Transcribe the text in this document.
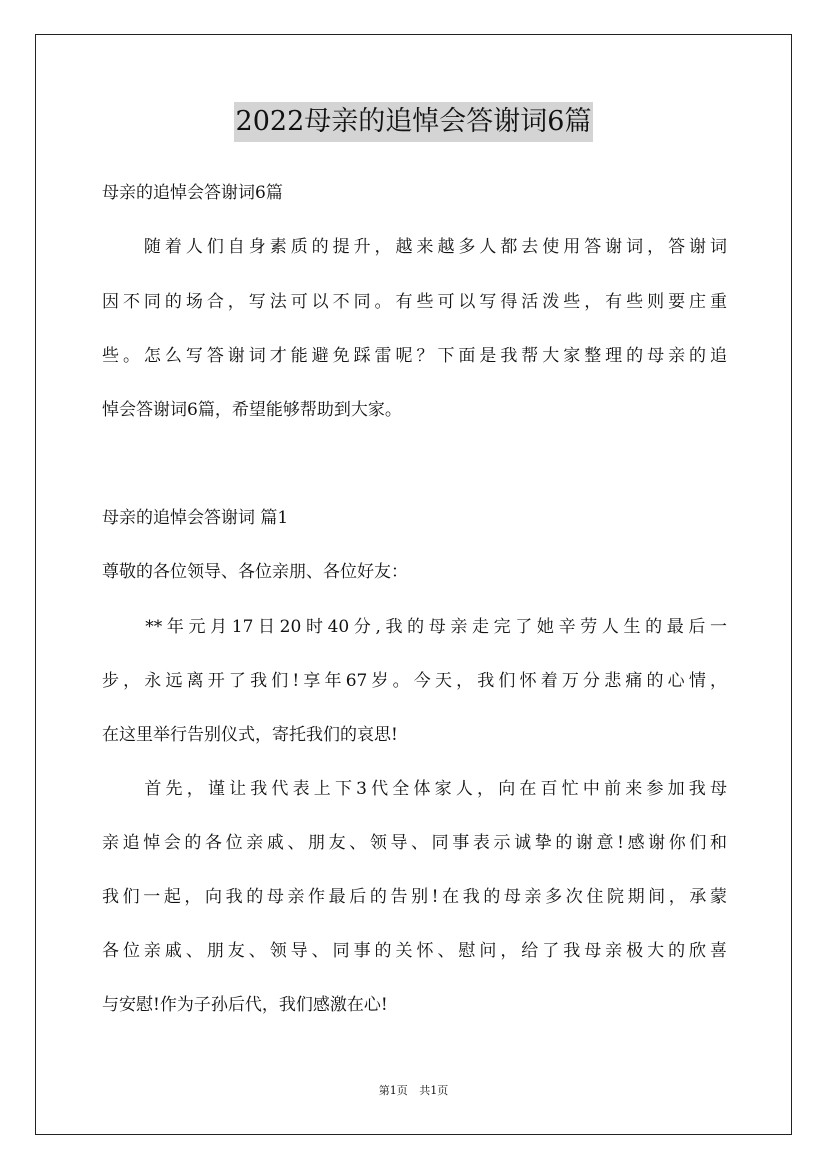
2022母亲的追悼会答谢词6篇
母亲的追悼会答谢词6篇
　　随着人们自身素质的提升，越来越多人都去使用答谢词，答谢词
因不同的场合，写法可以不同。有些可以写得活泼些，有些则要庄重
些。怎么写答谢词才能避免踩雷呢？下面是我帮大家整理的母亲的追
悼会答谢词6篇，希望能够帮助到大家。
母亲的追悼会答谢词 篇1
尊敬的各位领导、各位亲朋、各位好友：
　　**年元月17日20时40分,我的母亲走完了她辛劳人生的最后一
步，永远离开了我们!享年67岁。今天，我们怀着万分悲痛的心情，
在这里举行告别仪式，寄托我们的哀思!
　　首先，谨让我代表上下3代全体家人，向在百忙中前来参加我母
亲追悼会的各位亲戚、朋友、领导、同事表示诚挚的谢意!感谢你们和
我们一起，向我的母亲作最后的告别!在我的母亲多次住院期间，承蒙
各位亲戚、朋友、领导、同事的关怀、慰问，给了我母亲极大的欣喜
与安慰!作为子孙后代，我们感激在心!
第1页 共1页
